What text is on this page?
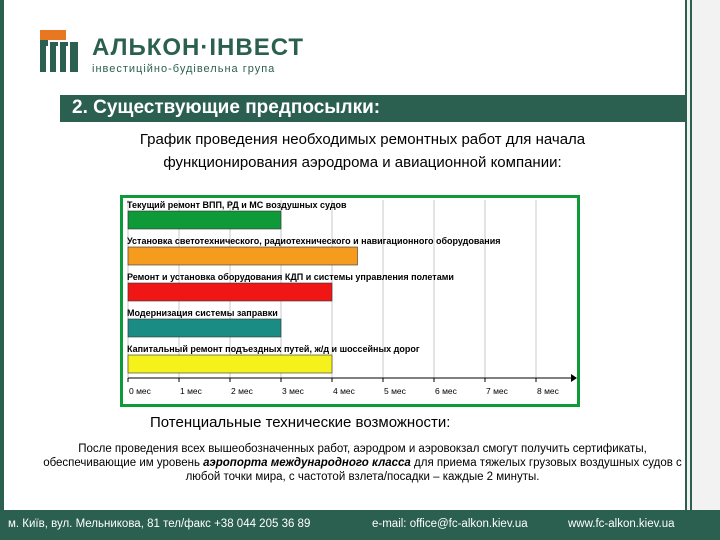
АЛЬКОН·ІНВЕСТ
інвестиційно-будівельна група
2. Существующие предпосылки:
График проведения необходимых ремонтных работ для начала
функционирования аэродрома и авиационной компании:
Текущий ремонт ВПП, РД и МС воздушных судов
Установка светотехнического, радиотехнического и навигационного оборудования
Ремонт и установка оборудования КДП и системы управления полетами
Модернизация системы заправки
Капитальный ремонт подъездных путей, ж/д и шоссейных дорог
0 мес	1 мес	2 мес	3 мес	4 мес	5 мес	6 мес	7 мес	8 мес
Потенциальные технические возможности:
После проведения всех вышеобозначенных работ, аэродром и аэровокзал смогут получить сертификаты, обеспечивающие им уровень аэропорта международного класса для приема тяжелых грузовых воздушных судов с любой точки мира, с частотой взлета/посадки – каждые 2 минуты.
м. Київ, вул. Мельникова, 81 тел/факс +38 044 205 36 89	e-mail: office@fc-alkon.kiev.ua	www.fc-alkon.kiev.ua
